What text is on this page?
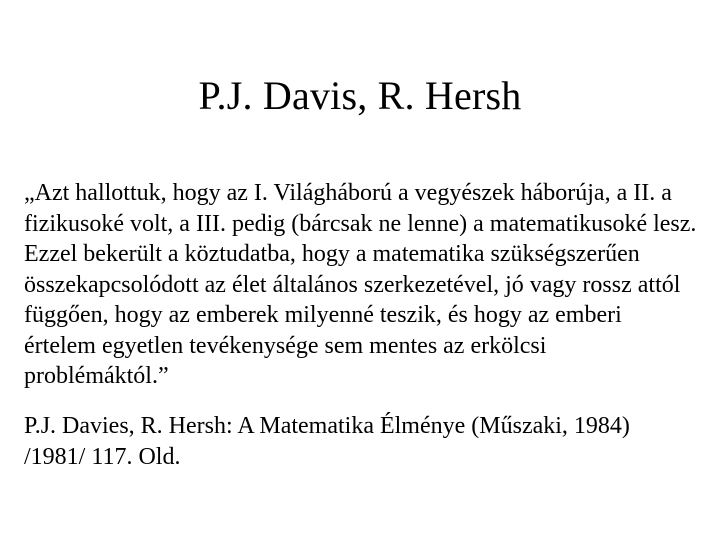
P.J. Davis, R. Hersh
„Azt hallottuk, hogy az I. Világháború a vegyészek háborúja, a II. a
fizikusoké volt, a III. pedig (bárcsak ne lenne) a matematikusoké lesz.
Ezzel bekerült a köztudatba, hogy a matematika szükségszerűen
összekapcsolódott az élet általános szerkezetével, jó vagy rossz attól
függően, hogy az emberek milyenné teszik, és hogy az emberi
értelem egyetlen tevékenysége sem mentes az erkölcsi
problémáktól.”
P.J. Davies, R. Hersh: A Matematika Élménye (Műszaki, 1984)
/1981/ 117. Old.
